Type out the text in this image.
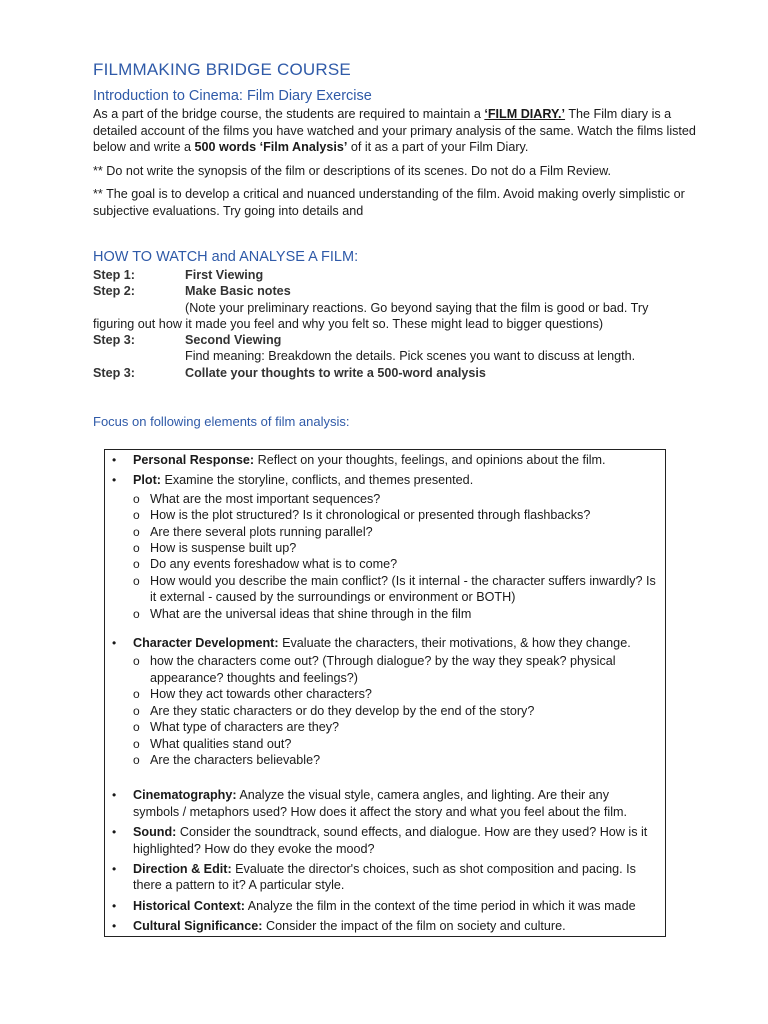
FILMMAKING BRIDGE COURSE
Introduction to Cinema: Film Diary Exercise

As a part of the bridge course, the students are required to maintain a ‘FILM DIARY.’ The Film diary is a detailed account of the films you have watched and your primary analysis of the same. Watch the films listed below and write a 500 words ‘Film Analysis’ of it as a part of your Film Diary.

** Do not write the synopsis of the film or descriptions of its scenes. Do not do a Film Review.

** The goal is to develop a critical and nuanced understanding of the film. Avoid making overly simplistic or subjective evaluations. Try going into details and

HOW TO WATCH and ANALYSE A FILM:
Step 1:	First Viewing
Step 2:	Make Basic notes
(Note your preliminary reactions. Go beyond saying that the film is good or bad. Try
figuring out how it made you feel and why you felt so. These might lead to bigger questions)
Step 3:	Second Viewing
Find meaning: Breakdown the details. Pick scenes you want to discuss at length.
Step 3:	Collate your thoughts to write a 500-word analysis
Focus on following elements of film analysis:
• Personal Response: Reflect on your thoughts, feelings, and opinions about the film.
• Plot: Examine the storyline, conflicts, and themes presented.
o What are the most important sequences?
o How is the plot structured? Is it chronological or presented through flashbacks?
o Are there several plots running parallel?
o How is suspense built up?
o Do any events foreshadow what is to come?
o How would you describe the main conflict? (Is it internal - the character suffers inwardly? Is it external - caused by the surroundings or environment or BOTH)
o What are the universal ideas that shine through in the film
• Character Development: Evaluate the characters, their motivations, & how they change.
o how the characters come out? (Through dialogue? by the way they speak? physical appearance? thoughts and feelings?)
o How they act towards other characters?
o Are they static characters or do they develop by the end of the story?
o What type of characters are they?
o What qualities stand out?
o Are the characters believable?
• Cinematography: Analyze the visual style, camera angles, and lighting. Are their any symbols / metaphors used? How does it affect the story and what you feel about the film.
• Sound: Consider the soundtrack, sound effects, and dialogue. How are they used? How is it highlighted? How do they evoke the mood?
• Direction & Edit: Evaluate the director's choices, such as shot composition and pacing. Is there a pattern to it? A particular style.
• Historical Context: Analyze the film in the context of the time period in which it was made
• Cultural Significance: Consider the impact of the film on society and culture.
